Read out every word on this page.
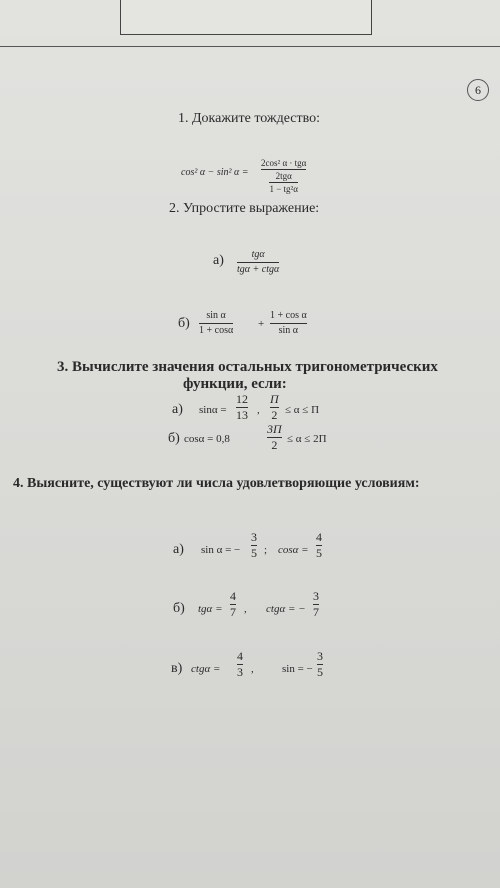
6
1. Докажите тождество:
cos² α − sin² α =
2cos² α · tgα
$\frac{\text{2tgα}}{\text{1 − tg²α}}$
2. Упростите выражение:
а)	tgα
tgα + ctgα
б)
sin α
1 + cosα
+
1 + cos α
sin α
3. Вычислите значения остальных тригонометрических
функции, если:
а) sinα =
12
13 ,
Π
2 ≤ α ≤ Π
б) cosα = 0,8
3Π
2 ≤ α ≤ 2Π
4. Выясните, существуют ли числа удовлетворяющие условиям:
а) sin α = −
3
5 ; cosα =
4
5
б) tgα =
4
7 , ctgα = −
3
7
в) ctgα =
4
3 ,	sin = −
3
5
